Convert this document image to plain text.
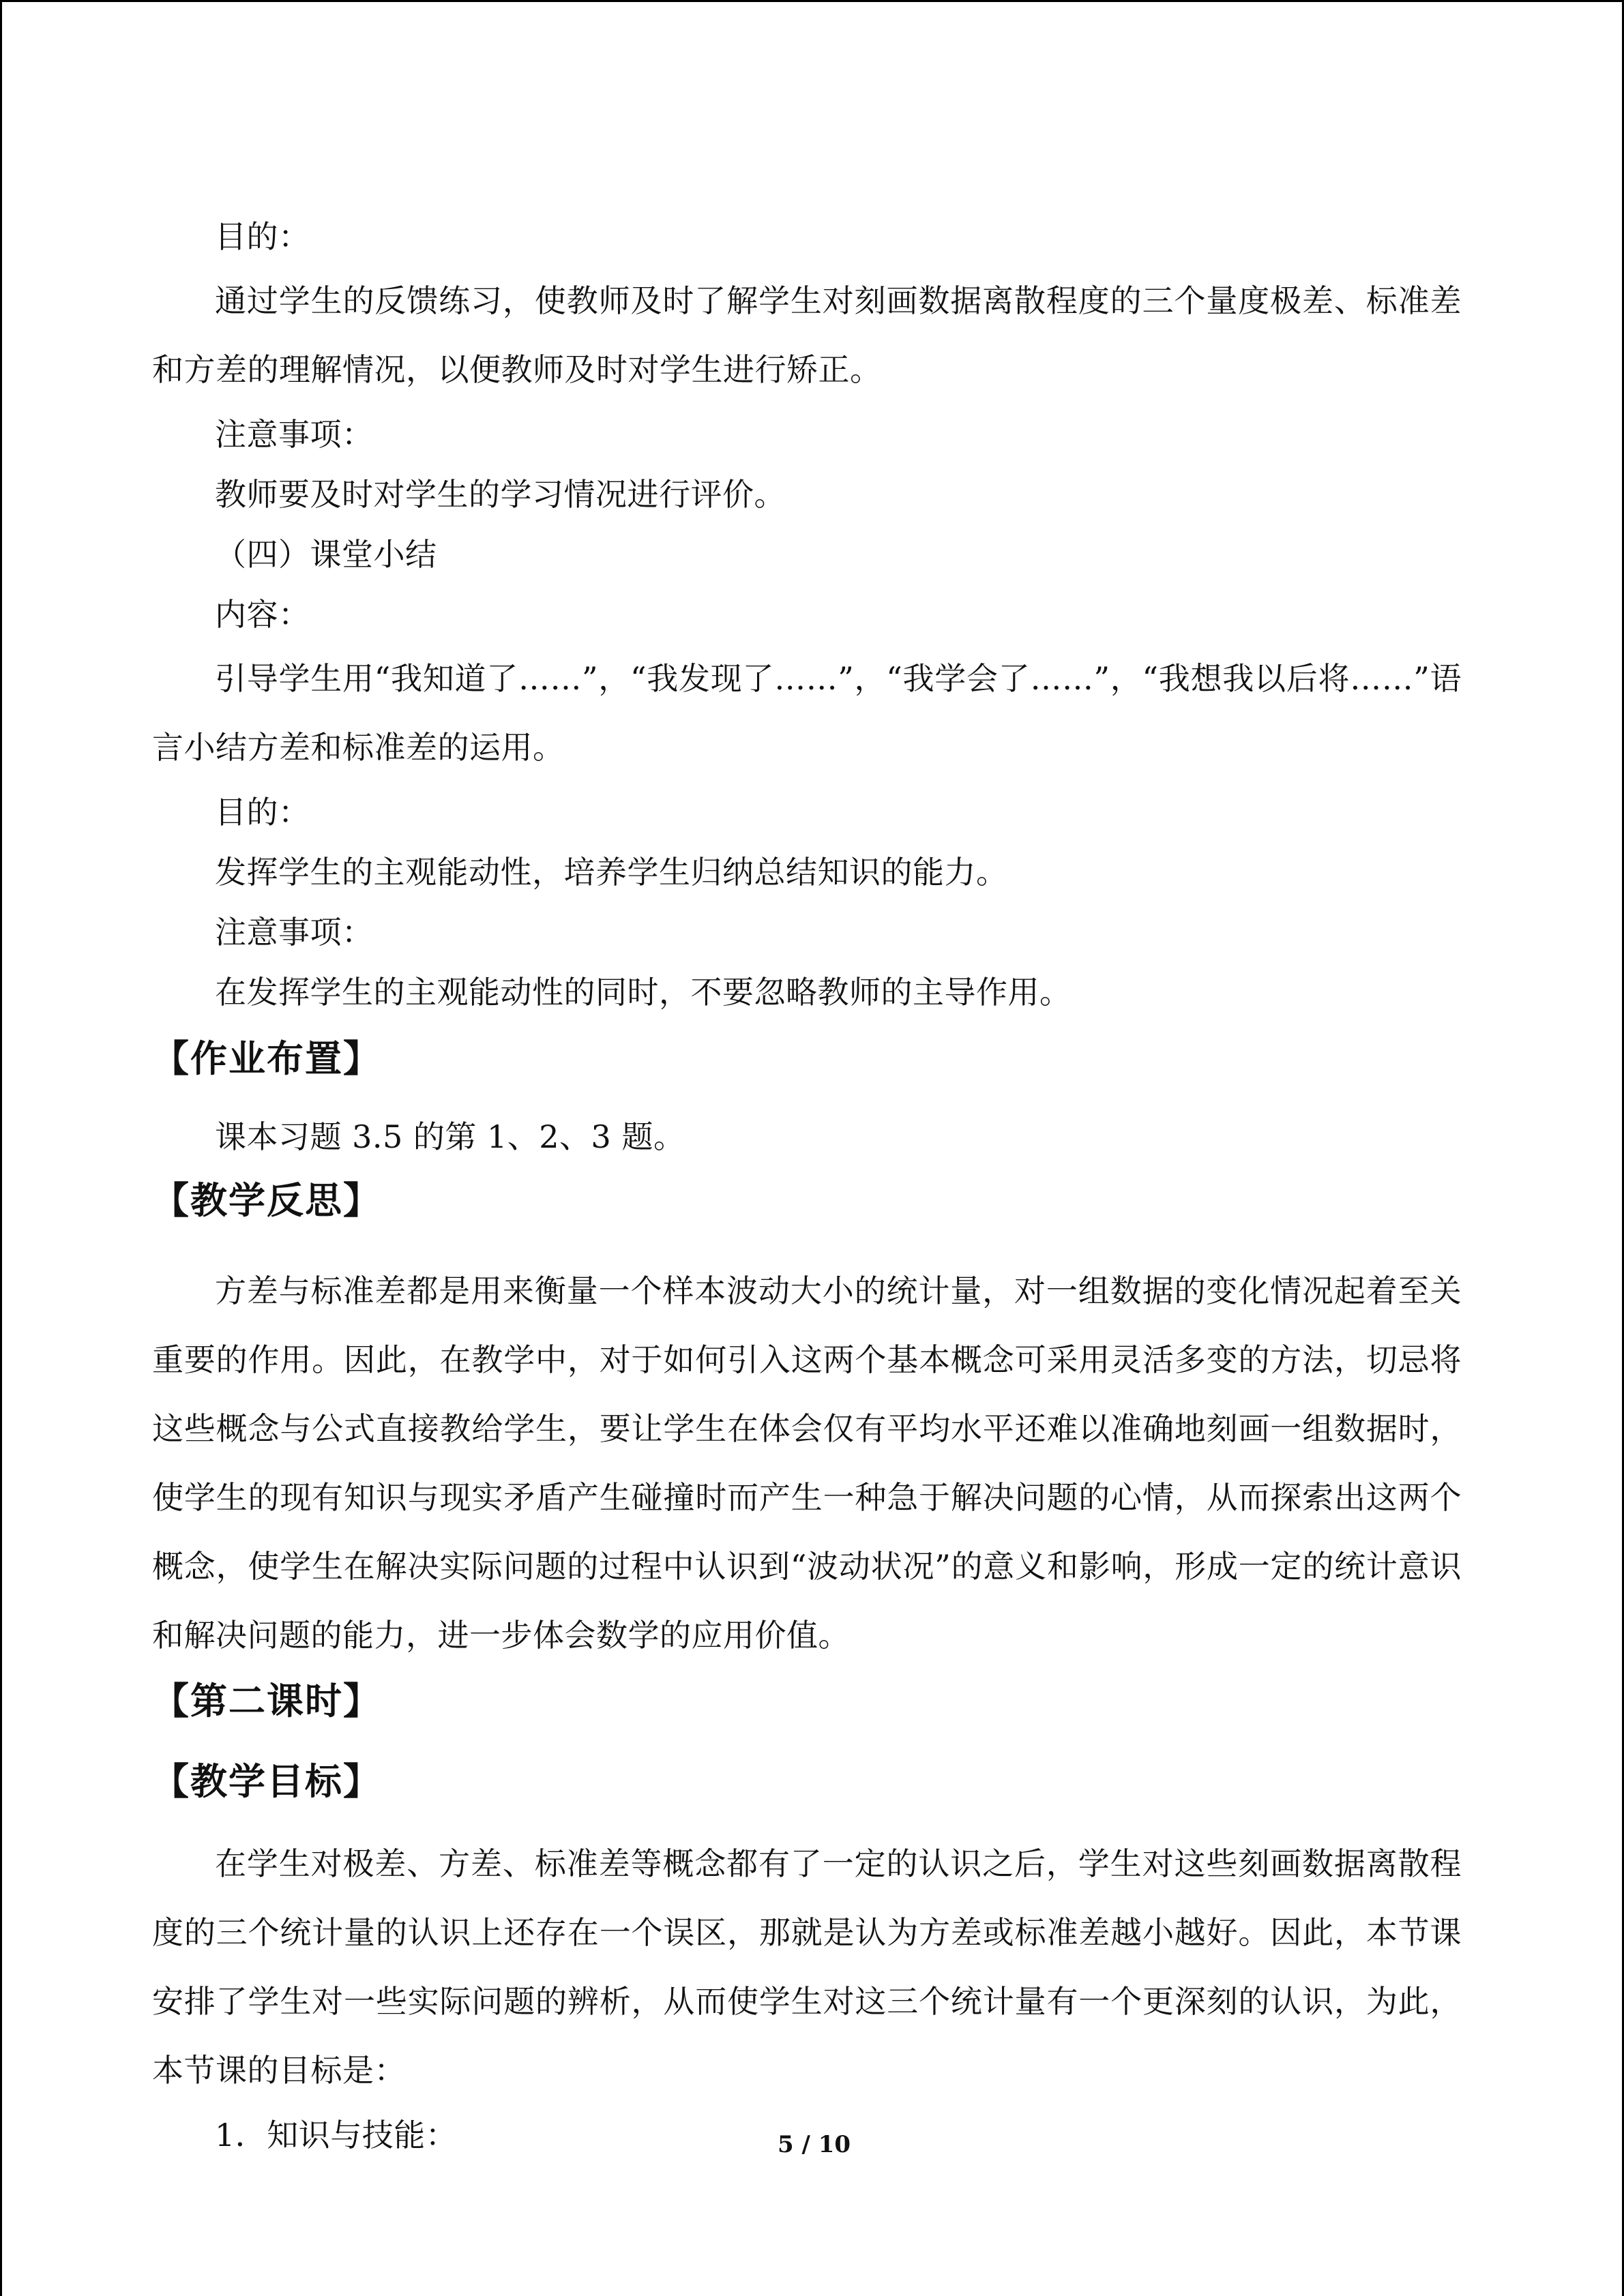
目的：

通过学生的反馈练习，使教师及时了解学生对刻画数据离散程度的三个量度极差、标准差和方差的理解情况，以便教师及时对学生进行矫正。

注意事项：

教师要及时对学生的学习情况进行评价。

（四）课堂小结

内容：

引导学生用“我知道了……”，“我发现了……”，“我学会了……”，“我想我以后将……”语言小结方差和标准差的运用。

目的：

发挥学生的主观能动性，培养学生归纳总结知识的能力。

注意事项：

在发挥学生的主观能动性的同时，不要忽略教师的主导作用。

【作业布置】

课本习题 3.5 的第 1、2、3 题。

【教学反思】

方差与标准差都是用来衡量一个样本波动大小的统计量，对一组数据的变化情况起着至关重要的作用。因此，在教学中，对于如何引入这两个基本概念可采用灵活多变的方法，切忌将这些概念与公式直接教给学生，要让学生在体会仅有平均水平还难以准确地刻画一组数据时，使学生的现有知识与现实矛盾产生碰撞时而产生一种急于解决问题的心情，从而探索出这两个概念，使学生在解决实际问题的过程中认识到“波动状况”的意义和影响，形成一定的统计意识和解决问题的能力，进一步体会数学的应用价值。

【第二课时】
【教学目标】

在学生对极差、方差、标准差等概念都有了一定的认识之后，学生对这些刻画数据离散程度的三个统计量的认识上还存在一个误区，那就是认为方差或标准差越小越好。因此，本节课安排了学生对一些实际问题的辨析，从而使学生对这三个统计量有一个更深刻的认识，为此，本节课的目标是：

1．知识与技能：	5 / 10
